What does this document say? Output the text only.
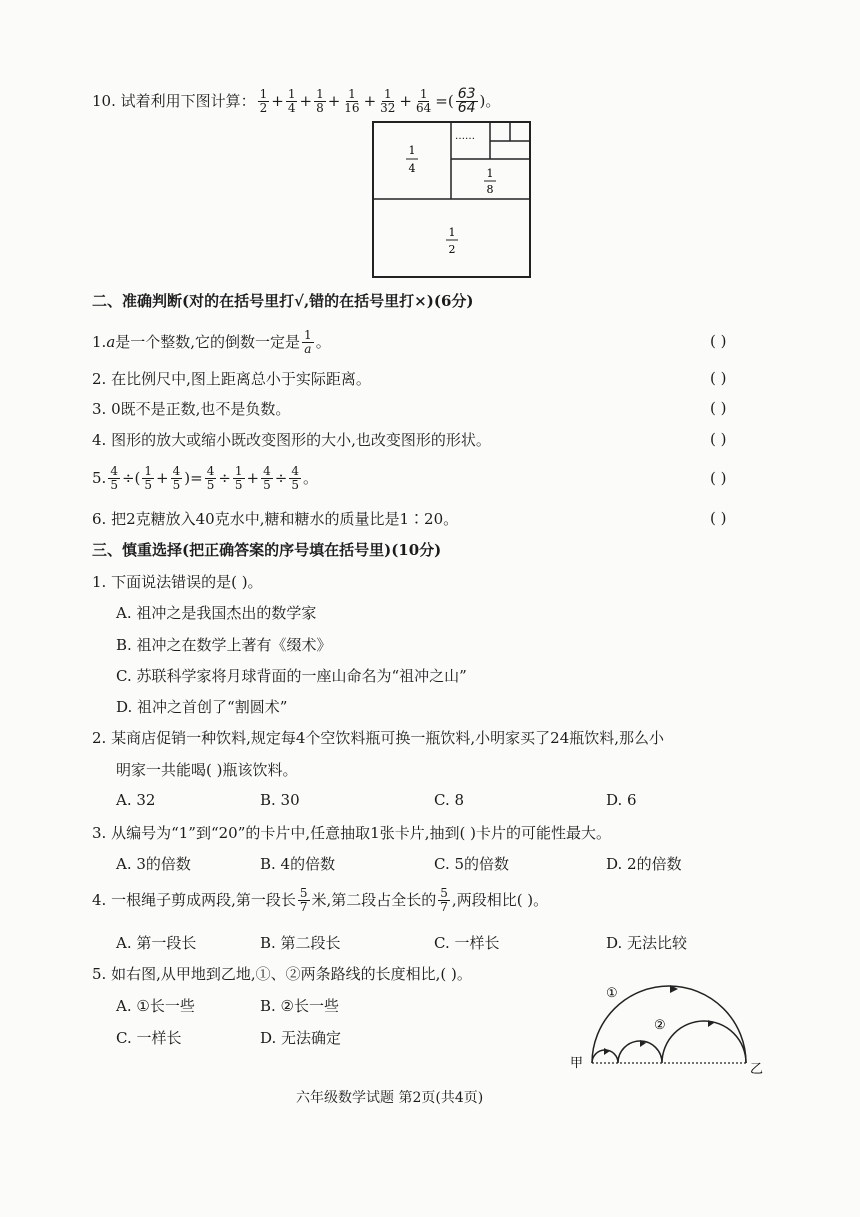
10. 试着利用下图计算： $\frac{1}{2} + \frac{1}{4} + \frac{1}{8} + \frac{1}{16} + \frac{1}{32} + \frac{1}{64}$ =( $\frac{63}{64}$ )。
……
1
4	1
8
1
2
二、准确判断(对的在括号里打√,错的在括号里打×)(6分)
1. a 是一个整数,它的倒数一定是 $\frac{1}{a}$ 。	( )
2. 在比例尺中,图上距离总小于实际距离。	( )
3. 0既不是正数,也不是负数。	( )
4. 图形的放大或缩小既改变图形的大小,也改变图形的形状。	( )
5. $\frac{4}{5}$ ÷ ( $\frac{1}{5} + \frac{4}{5}$ ) = $\frac{4}{5} \div \frac{1}{5} + \frac{4}{5} \div \frac{4}{5}$ 。	( )
6. 把2克糖放入40克水中,糖和糖水的质量比是1∶20。	( )
三、慎重选择(把正确答案的序号填在括号里)(10分)
1. 下面说法错误的是( )。
A. 祖冲之是我国杰出的数学家
B. 祖冲之在数学上著有《缀术》
C. 苏联科学家将月球背面的一座山命名为“祖冲之山”
D. 祖冲之首创了“割圆术”
2. 某商店促销一种饮料,规定每4个空饮料瓶可换一瓶饮料,小明家买了24瓶饮料,那么小
明家一共能喝( )瓶该饮料。
A. 32	B. 30	C. 8	D. 6
3. 从编号为“1”到“20”的卡片中,任意抽取1张卡片,抽到( )卡片的可能性最大。
A. 3的倍数	B. 4的倍数	C. 5的倍数	D. 2的倍数
4. 一根绳子剪成两段,第一段长 $\frac{5}{7}$ 米,第二段占全长的 $\frac{5}{7}$ ,两段相比( )。
A. 第一段长	B. 第二段长	C. 一样长	D. 无法比较
5. 如右图,从甲地到乙地,①、②两条路线的长度相比,( )。
A. ①长一些	B. ②长一些
C. 一样长	D. 无法确定
①
②
甲	乙
六年级数学试题 第2页(共4页)
